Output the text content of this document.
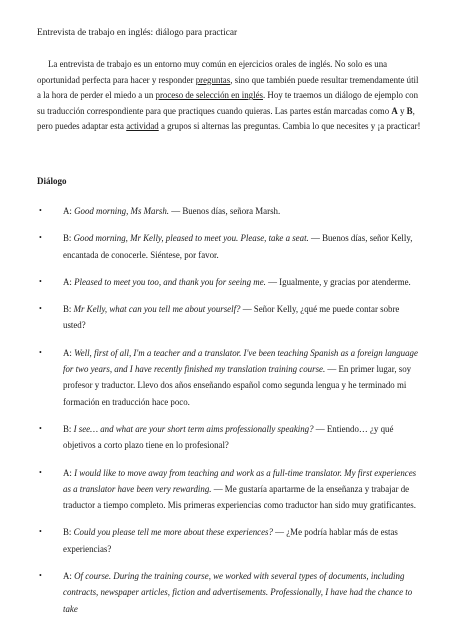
Entrevista de trabajo en inglés: diálogo para practicar

La entrevista de trabajo es un entorno muy común en ejercicios orales de inglés. No solo es una oportunidad perfecta para hacer y responder preguntas, sino que también puede resultar tremendamente útil a la hora de perder el miedo a un proceso de selección en inglés. Hoy te traemos un diálogo de ejemplo con su traducción correspondiente para que practiques cuando quieras. Las partes están marcadas como A y B, pero puedes adaptar esta actividad a grupos si alternas las preguntas. Cambia lo que necesites y ¡a practicar!

Diálogo
• A: Good morning, Ms Marsh. — Buenos días, señora Marsh.
• B: Good morning, Mr Kelly, pleased to meet you. Please, take a seat. — Buenos días, señor Kelly, encantada de conocerle. Siéntese, por favor.
• A: Pleased to meet you too, and thank you for seeing me. — Igualmente, y gracias por atenderme.
• B: Mr Kelly, what can you tell me about yourself? — Señor Kelly, ¿qué me puede contar sobre usted?
• A: Well, first of all, I'm a teacher and a translator. I've been teaching Spanish as a foreign language for two years, and I have recently finished my translation training course. — En primer lugar, soy profesor y traductor. Llevo dos años enseñando español como segunda lengua y he terminado mi formación en traducción hace poco.
• B: I see… and what are your short term aims professionally speaking? — Entiendo… ¿y qué objetivos a corto plazo tiene en lo profesional?
• A: I would like to move away from teaching and work as a full-time translator. My first experiences as a translator have been very rewarding. — Me gustaría apartarme de la enseñanza y trabajar de traductor a tiempo completo. Mis primeras experiencias como traductor han sido muy gratificantes.
• B: Could you please tell me more about these experiences? — ¿Me podría hablar más de estas experiencias?
• A: Of course. During the training course, we worked with several types of documents, including contracts, newspaper articles, fiction and advertisements. Professionally, I have had the chance to take
